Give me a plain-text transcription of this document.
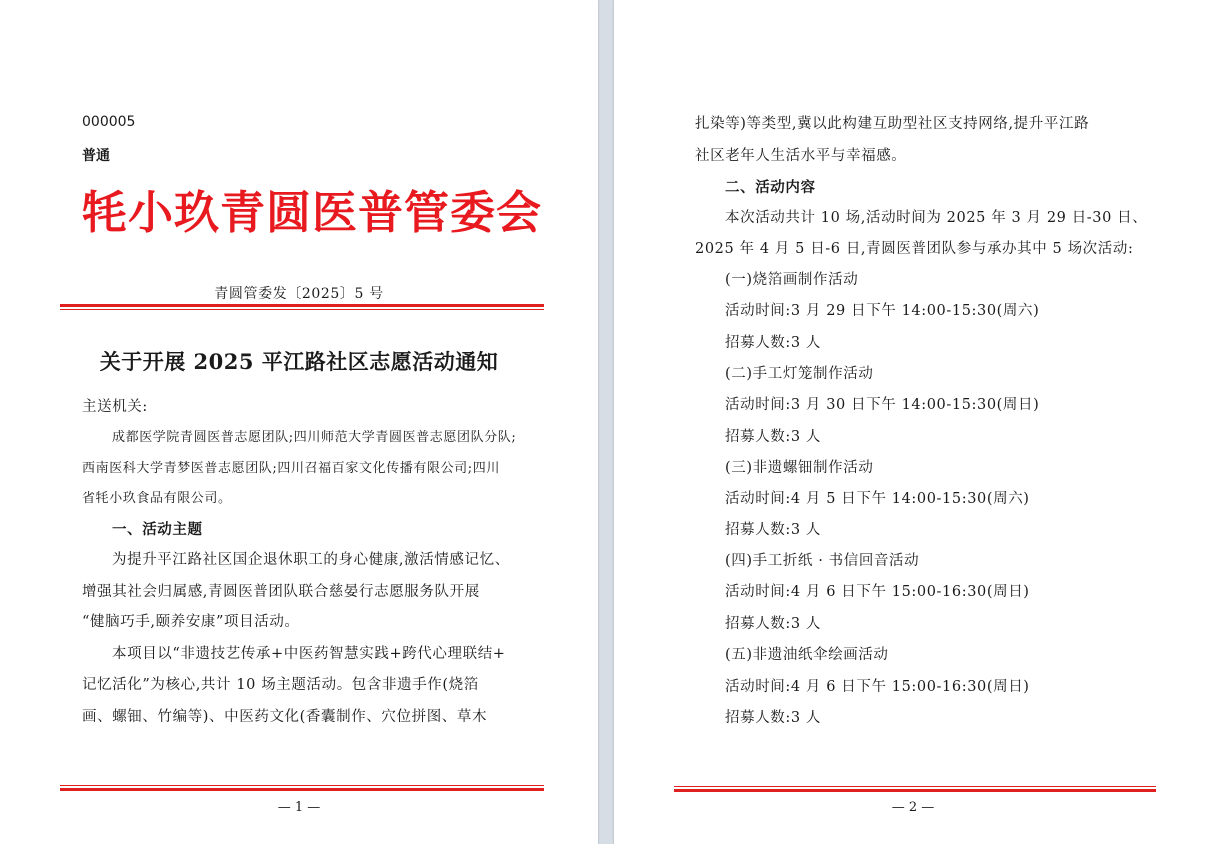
000005
普通
牦小玖青圆医普管委会
青圆管委发〔2025〕5 号
关于开展 2025 平江路社区志愿活动通知
主送机关:
成都医学院青圆医普志愿团队;四川师范大学青圆医普志愿团队分队;
西南医科大学青梦医普志愿团队;四川召福百家文化传播有限公司;四川
省牦小玖食品有限公司。
一、活动主题
为提升平江路社区国企退休职工的身心健康,激活情感记忆、
增强其社会归属感,青圆医普团队联合慈晏行志愿服务队开展
“健脑巧手,颐养安康”项目活动。
本项目以“非遗技艺传承+中医药智慧实践+跨代心理联结+
记忆活化”为核心,共计 10 场主题活动。包含非遗手作(烧箔
画、螺钿、竹编等)、中医药文化(香囊制作、穴位拼图、草木
— 1 —
扎染等)等类型,冀以此构建互助型社区支持网络,提升平江路
社区老年人生活水平与幸福感。
二、活动内容
本次活动共计 10 场,活动时间为 2025 年 3 月 29 日-30 日、
2025 年 4 月 5 日-6 日,青圆医普团队参与承办其中 5 场次活动:
(一)烧箔画制作活动
活动时间:3 月 29 日下午 14:00-15:30(周六)
招募人数:3 人
(二)手工灯笼制作活动
活动时间:3 月 30 日下午 14:00-15:30(周日)
招募人数:3 人
(三)非遗螺钿制作活动
活动时间:4 月 5 日下午 14:00-15:30(周六)
招募人数:3 人
(四)手工折纸 · 书信回音活动
活动时间:4 月 6 日下午 15:00-16:30(周日)
招募人数:3 人
(五)非遗油纸伞绘画活动
活动时间:4 月 6 日下午 15:00-16:30(周日)
招募人数:3 人
— 2 —
